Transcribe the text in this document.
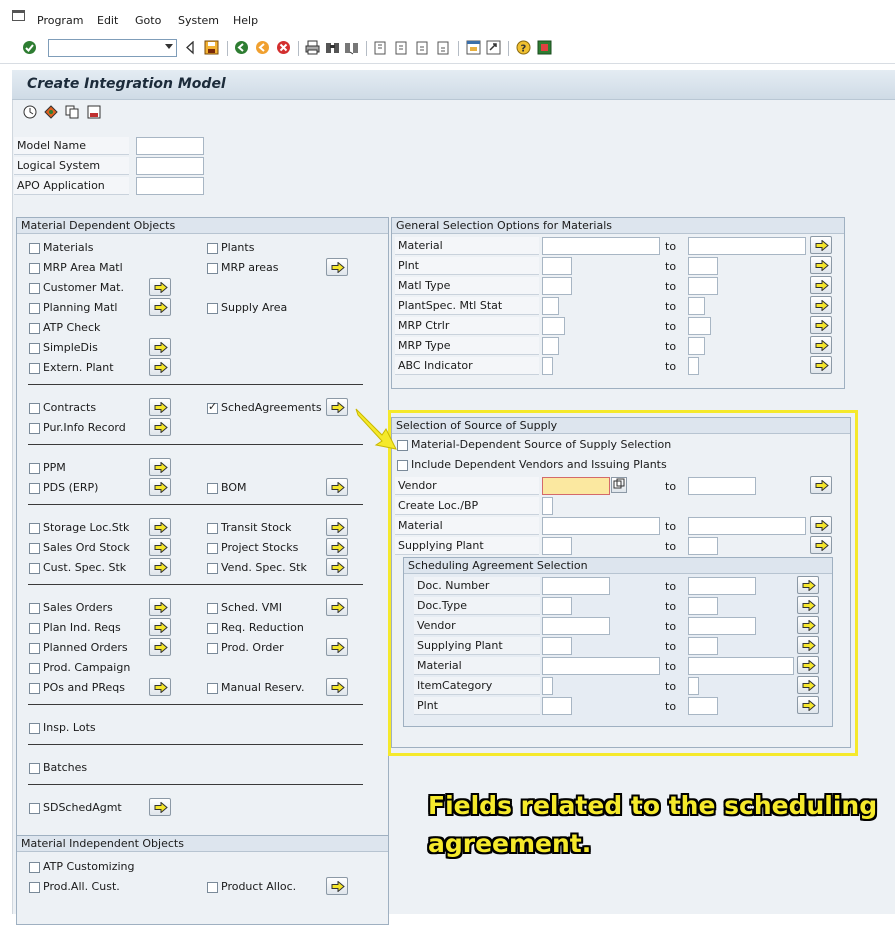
Program Edit Goto System Help
?
Create Integration Model
Model Name
Logical System
APO Application
Material Dependent Objects
Material Independent Objects
General Selection Options for Materials
Selection of Source of Supply
Scheduling Agreement Selection
Fields related to the scheduling agreement.
Materials	Plants
MRP Area Matl	MRP areas
Customer Mat.
Planning Matl	Supply Area
ATP Check
SimpleDis
Extern. Plant
Contracts
✓	SchedAgreements
Pur.Info Record
PPM
PDS (ERP)	BOM
Storage Loc.Stk	Transit Stock
Sales Ord Stock	Project Stocks
Cust. Spec. Stk	Vend. Spec. Stk
Sales Orders	Sched. VMI
Plan Ind. Reqs	Req. Reduction
Planned Orders	Prod. Order
Prod. Campaign
POs and PReqs	Manual Reserv.
Insp. Lots
Batches
SDSchedAgmt
ATP Customizing
Prod.All. Cust.	Product Alloc.
Material	to
Plnt	to
Matl Type	to
PlantSpec. Mtl Stat	to
MRP Ctrlr	to
MRP Type	to
ABC Indicator	to
Material-Dependent Source of Supply Selection
Include Dependent Vendors and Issuing Plants
Vendor	to
Create Loc./BP
Material	to
Supplying Plant	to
Doc. Number	to
Doc.Type	to
Vendor	to
Supplying Plant	to
Material	to
ItemCategory	to
Plnt	to
